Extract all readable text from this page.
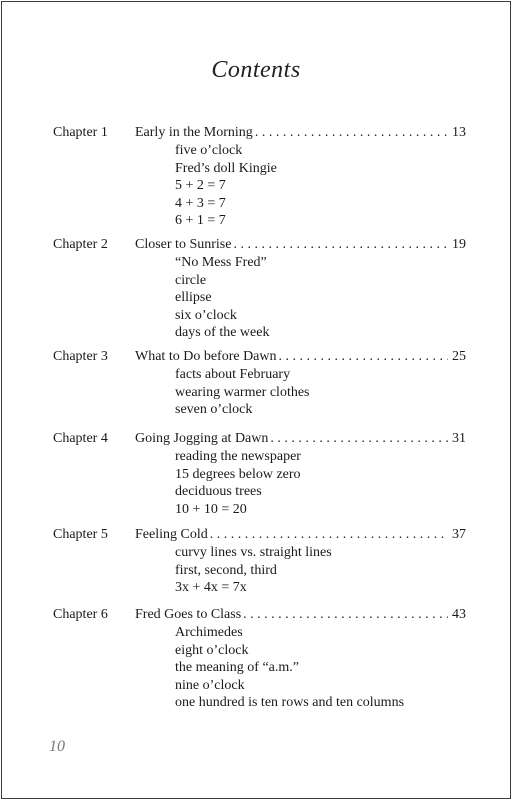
Contents
Chapter 1 Early in the Morning . . .	13
five o’clock
Fred’s doll Kingie
5 + 2 = 7
4 + 3 = 7
6 + 1 = 7
Chapter 2 Closer to Sunrise . . .	19
“No Mess Fred”
circle
ellipse
six o’clock
days of the week
Chapter 3 What to Do before Dawn . . .	25
facts about February
wearing warmer clothes
seven o’clock
Chapter 4 Going Jogging at Dawn . . .	31
reading the newspaper
15 degrees below zero
deciduous trees
10 + 10 = 20
Chapter 5 Feeling Cold . . .	37
curvy lines vs. straight lines
first, second, third
3x + 4x = 7x
Chapter 6 Fred Goes to Class . . .	43
Archimedes
eight o’clock
the meaning of “a.m.”
nine o’clock
one hundred is ten rows and ten columns
10
